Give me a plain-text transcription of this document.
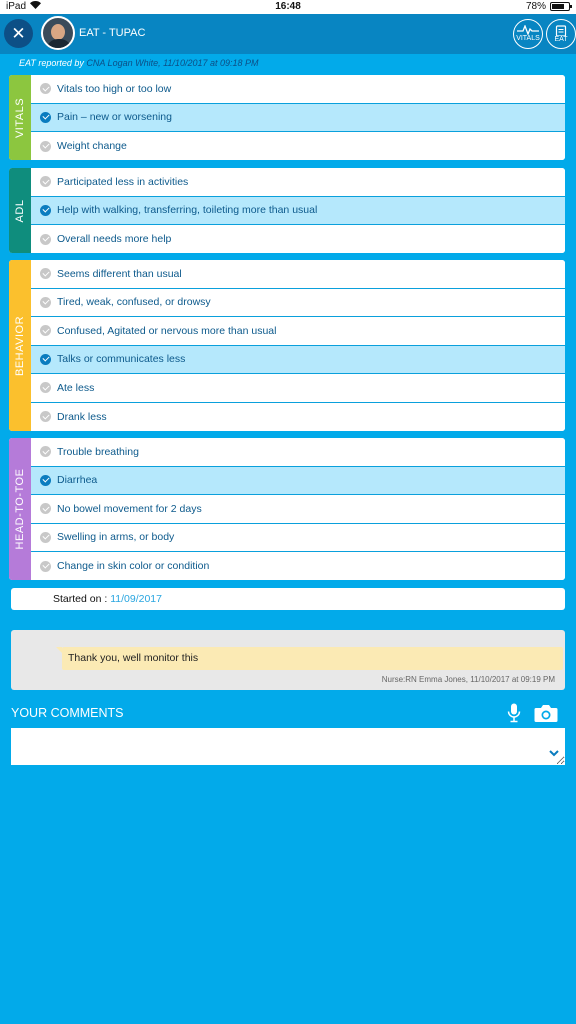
iPad	16:48	78%
✕	EAT - TUPAC	VITALS	EAT
EAT reported by CNA Logan White, 11/10/2017 at 09:18 PM
VITALS
Vitals too high or too low
Pain – new or worsening
Weight change
ADL
Participated less in activities
Help with walking, transferring, toileting more than usual
Overall needs more help
BEHAVIOR
Seems different than usual
Tired, weak, confused, or drowsy
Confused, Agitated or nervous more than usual
Talks or communicates less
Ate less
Drank less
HEAD-TO-TOE
Trouble breathing
Diarrhea
No bowel movement for 2 days
Swelling in arms, or body
Change in skin color or condition
Started on : 11/09/2017
Thank you, well monitor this
Nurse:RN Emma Jones, 11/10/2017 at 09:19 PM
YOUR COMMENTS
